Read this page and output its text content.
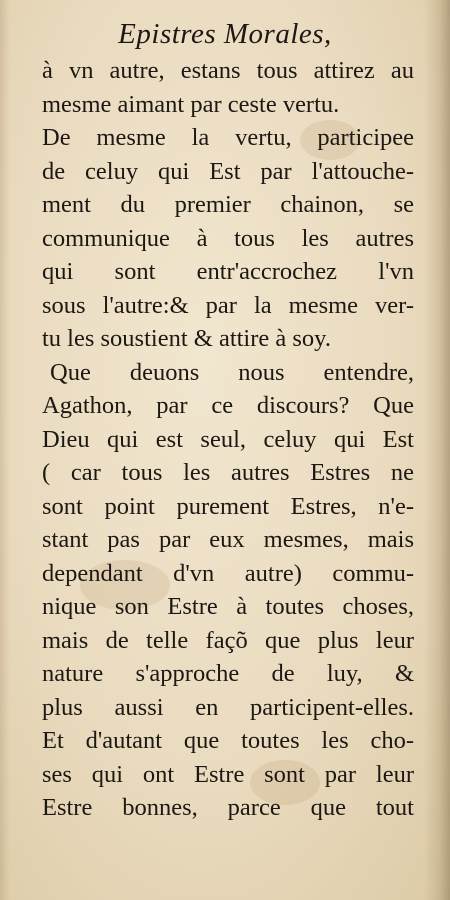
Epistres Morales,
à vn autre, estans tous attirez au
mesme aimant par ceste vertu.
De mesme la vertu, participee
de celuy qui Est par l'attouche-
ment du premier chainon, se
communique à tous les autres
qui sont entr'accrochez l'vn
sous l'autre:& par la mesme ver-
tu les soustient & attire à soy.
Que deuons nous entendre,
Agathon, par ce discours? Que
Dieu qui est seul, celuy qui Est
( car tous les autres Estres ne
sont point purement Estres, n'e-
stant pas par eux mesmes, mais
dependant d'vn autre) commu-
nique son Estre à toutes choses,
mais de telle façõ que plus leur
nature s'approche de luy, &
plus aussi en participent-elles.
Et d'autant que toutes les cho-
ses qui ont Estre sont par leur
Estre bonnes, parce que tout
